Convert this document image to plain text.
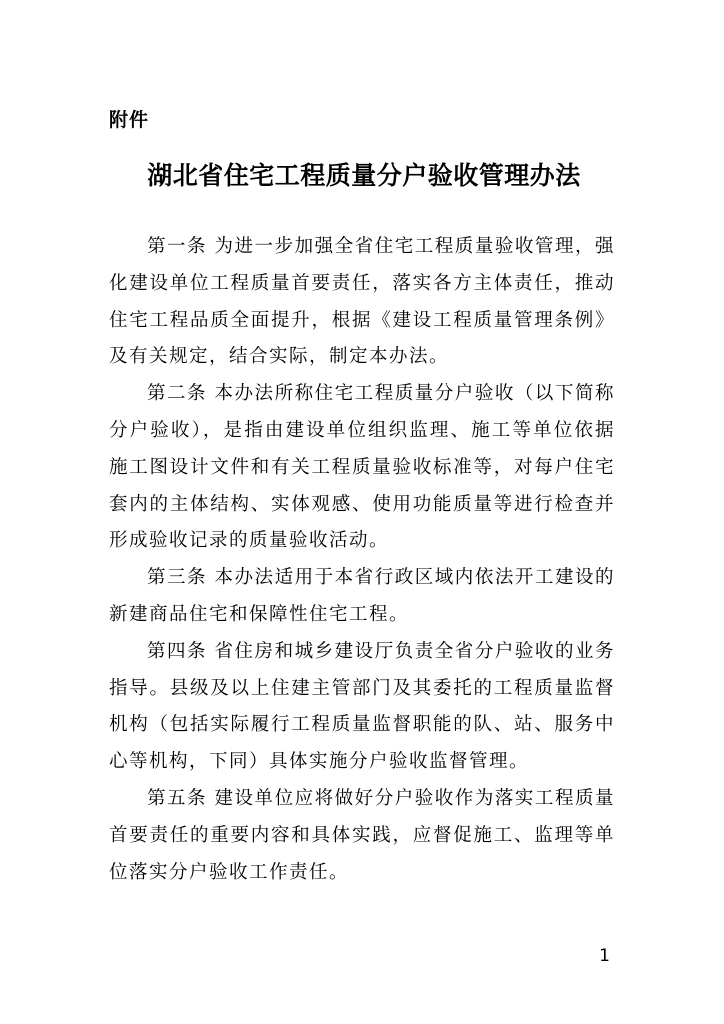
附件
湖北省住宅工程质量分户验收管理办法

第一条 为进一步加强全省住宅工程质量验收管理，强化建设单位工程质量首要责任，落实各方主体责任，推动住宅工程品质全面提升，根据《建设工程质量管理条例》及有关规定，结合实际，制定本办法。

第二条 本办法所称住宅工程质量分户验收（以下简称分户验收），是指由建设单位组织监理、施工等单位依据施工图设计文件和有关工程质量验收标准等，对每户住宅套内的主体结构、实体观感、使用功能质量等进行检查并形成验收记录的质量验收活动。

第三条 本办法适用于本省行政区域内依法开工建设的新建商品住宅和保障性住宅工程。

第四条 省住房和城乡建设厅负责全省分户验收的业务指导。县级及以上住建主管部门及其委托的工程质量监督机构（包括实际履行工程质量监督职能的队、站、服务中心等机构，下同）具体实施分户验收监督管理。

第五条 建设单位应将做好分户验收作为落实工程质量首要责任的重要内容和具体实践，应督促施工、监理等单位落实分户验收工作责任。

1
